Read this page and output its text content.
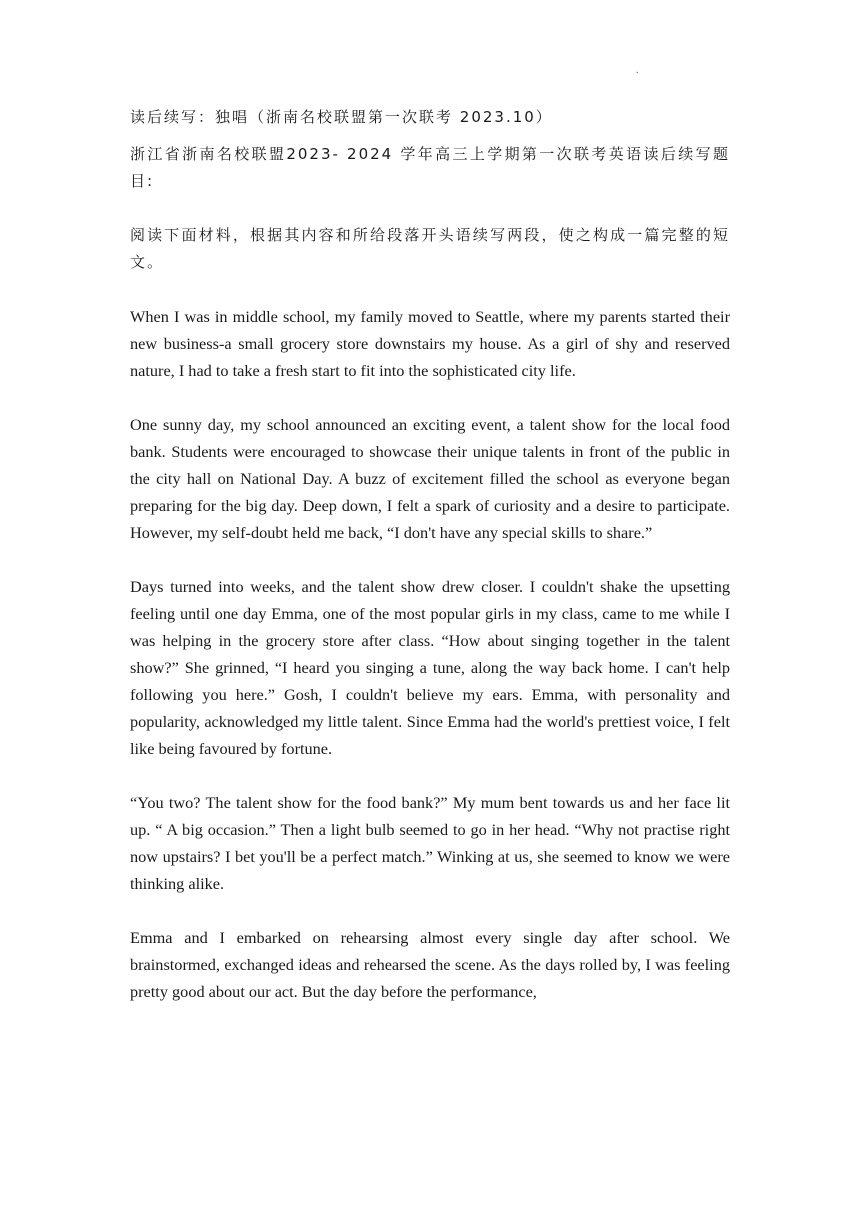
.

读后续写：独唱（浙南名校联盟第一次联考 2023.10）

浙江省浙南名校联盟2023- 2024 学年高三上学期第一次联考英语读后续写题目:

阅读下面材料，根据其内容和所给段落开头语续写两段，使之构成一篇完整的短文。

When I was in middle school, my family moved to Seattle, where my parents started their new business-a small grocery store downstairs my house. As a girl of shy and reserved nature, I had to take a fresh start to fit into the sophisticated city life.

One sunny day, my school announced an exciting event, a talent show for the local food bank. Students were encouraged to showcase their unique talents in front of the public in the city hall on National Day. A buzz of excitement filled the school as everyone began preparing for the big day. Deep down, I felt a spark of curiosity and a desire to participate. However, my self-doubt held me back, “I don't have any special skills to share.”

Days turned into weeks, and the talent show drew closer. I couldn't shake the upsetting feeling until one day Emma, one of the most popular girls in my class, came to me while I was helping in the grocery store after class. “How about singing together in the talent show?” She grinned, “I heard you singing a tune, along the way back home. I can't help following you here.” Gosh, I couldn't believe my ears. Emma, with personality and popularity, acknowledged my little talent. Since Emma had the world's prettiest voice, I felt like being favoured by fortune.

“You two? The talent show for the food bank?” My mum bent towards us and her face lit up. “ A big occasion.” Then a light bulb seemed to go in her head. “Why not practise right now upstairs? I bet you'll be a perfect match.” Winking at us, she seemed to know we were thinking alike.

Emma and I embarked on rehearsing almost every single day after school. We brainstormed, exchanged ideas and rehearsed the scene. As the days rolled by, I was feeling pretty good about our act. But the day before the performance,
